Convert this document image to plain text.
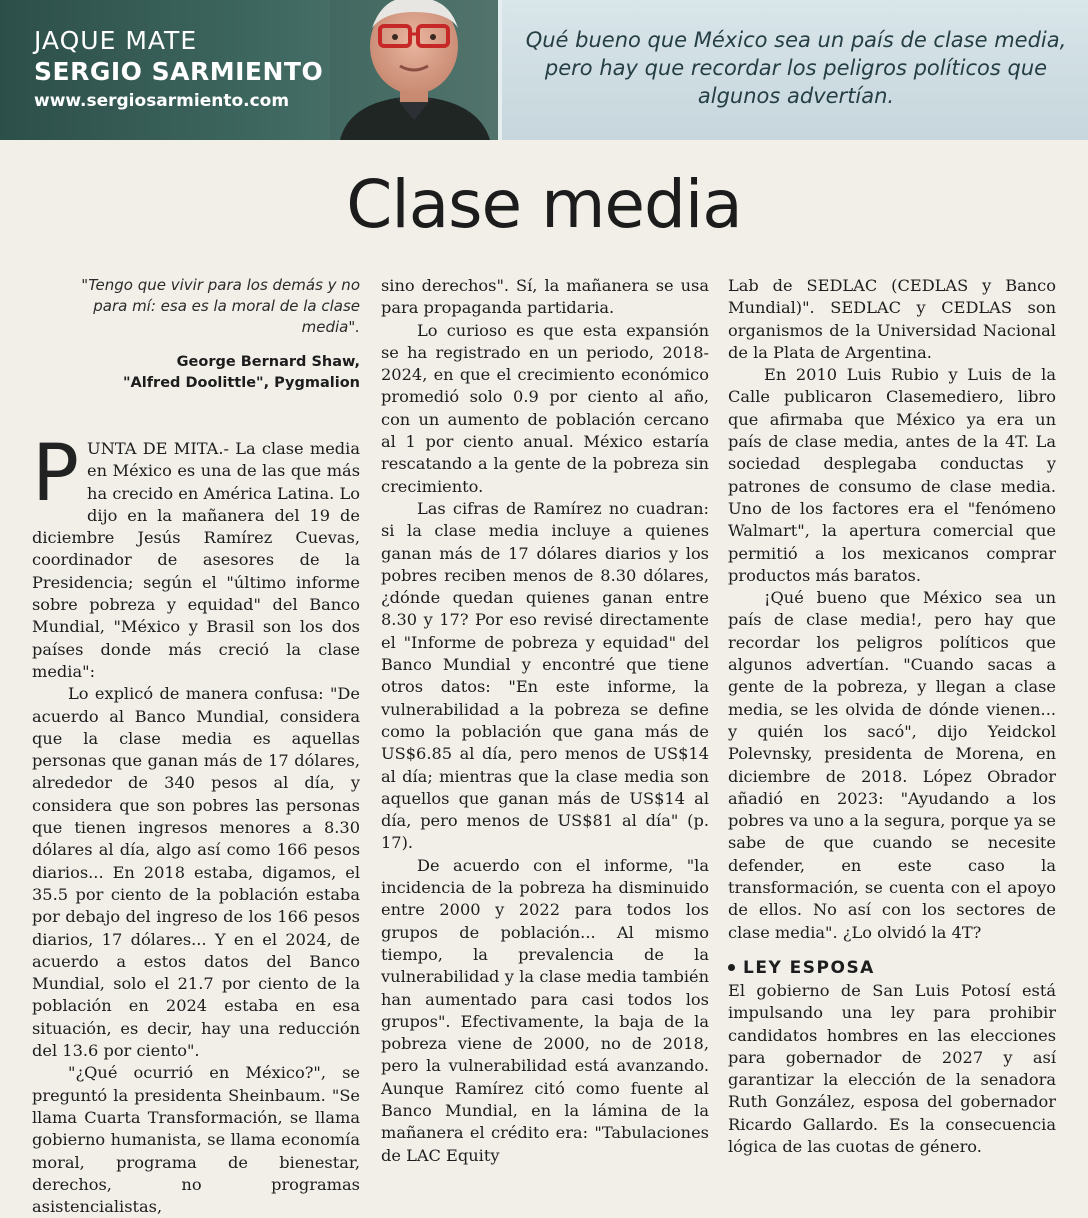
JAQUE MATE
SERGIO SARMIENTO
www.sergiosarmiento.com

Qué bueno que México sea un país de clase media, pero hay que recordar los peligros políticos que algunos advertían.

Clase media
"Tengo que vivir para los demás y no para mí: esa es la moral de la clase media".
George Bernard Shaw,
"Alfred Doolittle", Pygmalion

PUNTA DE MITA.- La clase media en México es una de las que más ha crecido en América Latina. Lo dijo en la mañanera del 19 de diciembre Jesús Ramírez Cuevas, coordinador de asesores de la Presidencia; según el "último informe sobre pobreza y equidad" del Banco Mundial, "México y Brasil son los dos países donde más creció la clase media":

Lo explicó de manera confusa: "De acuerdo al Banco Mundial, considera que la clase media es aquellas personas que ganan más de 17 dólares, alrededor de 340 pesos al día, y considera que son pobres las personas que tienen ingresos menores a 8.30 dólares al día, algo así como 166 pesos diarios... En 2018 estaba, digamos, el 35.5 por ciento de la población estaba por debajo del ingreso de los 166 pesos diarios, 17 dólares... Y en el 2024, de acuerdo a estos datos del Banco Mundial, solo el 21.7 por ciento de la población en 2024 estaba en esa situación, es decir, hay una reducción del 13.6 por ciento".

"¿Qué ocurrió en México?", se preguntó la presidenta Sheinbaum. "Se llama Cuarta Transformación, se llama gobierno humanista, se llama economía moral, programa de bienestar, derechos, no programas asistencialistas,

sino derechos". Sí, la mañanera se usa para propaganda partidaria.

Lo curioso es que esta expansión se ha registrado en un periodo, 2018-2024, en que el crecimiento económico promedió solo 0.9 por ciento al año, con un aumento de población cercano al 1 por ciento anual. México estaría rescatando a la gente de la pobreza sin crecimiento.

Las cifras de Ramírez no cuadran: si la clase media incluye a quienes ganan más de 17 dólares diarios y los pobres reciben menos de 8.30 dólares, ¿dónde quedan quienes ganan entre 8.30 y 17? Por eso revisé directamente el "Informe de pobreza y equidad" del Banco Mundial y encontré que tiene otros datos: "En este informe, la vulnerabilidad a la pobreza se define como la población que gana más de US$6.85 al día, pero menos de US$14 al día; mientras que la clase media son aquellos que ganan más de US$14 al día, pero menos de US$81 al día" (p. 17).

De acuerdo con el informe, "la incidencia de la pobreza ha disminuido entre 2000 y 2022 para todos los grupos de población... Al mismo tiempo, la prevalencia de la vulnerabilidad y la clase media también han aumentado para casi todos los grupos". Efectivamente, la baja de la pobreza viene de 2000, no de 2018, pero la vulnerabilidad está avanzando. Aunque Ramírez citó como fuente al Banco Mundial, en la lámina de la mañanera el crédito era: "Tabulaciones de LAC Equity

Lab de SEDLAC (CEDLAS y Banco Mundial)". SEDLAC y CEDLAS son organismos de la Universidad Nacional de la Plata de Argentina.

En 2010 Luis Rubio y Luis de la Calle publicaron Clasemediero, libro que afirmaba que México ya era un país de clase media, antes de la 4T. La sociedad desplegaba conductas y patrones de consumo de clase media. Uno de los factores era el "fenómeno Walmart", la apertura comercial que permitió a los mexicanos comprar productos más baratos.

¡Qué bueno que México sea un país de clase media!, pero hay que recordar los peligros políticos que algunos advertían. "Cuando sacas a gente de la pobreza, y llegan a clase media, se les olvida de dónde vienen... y quién los sacó", dijo Yeidckol Polevnsky, presidenta de Morena, en diciembre de 2018. López Obrador añadió en 2023: "Ayudando a los pobres va uno a la segura, porque ya se sabe de que cuando se necesite defender, en este caso la transformación, se cuenta con el apoyo de ellos. No así con los sectores de clase media". ¿Lo olvidó la 4T?

LEY ESPOSA

El gobierno de San Luis Potosí está impulsando una ley para prohibir candidatos hombres en las elecciones para gobernador de 2027 y así garantizar la elección de la senadora Ruth González, esposa del gobernador Ricardo Gallardo. Es la consecuencia lógica de las cuotas de género.
